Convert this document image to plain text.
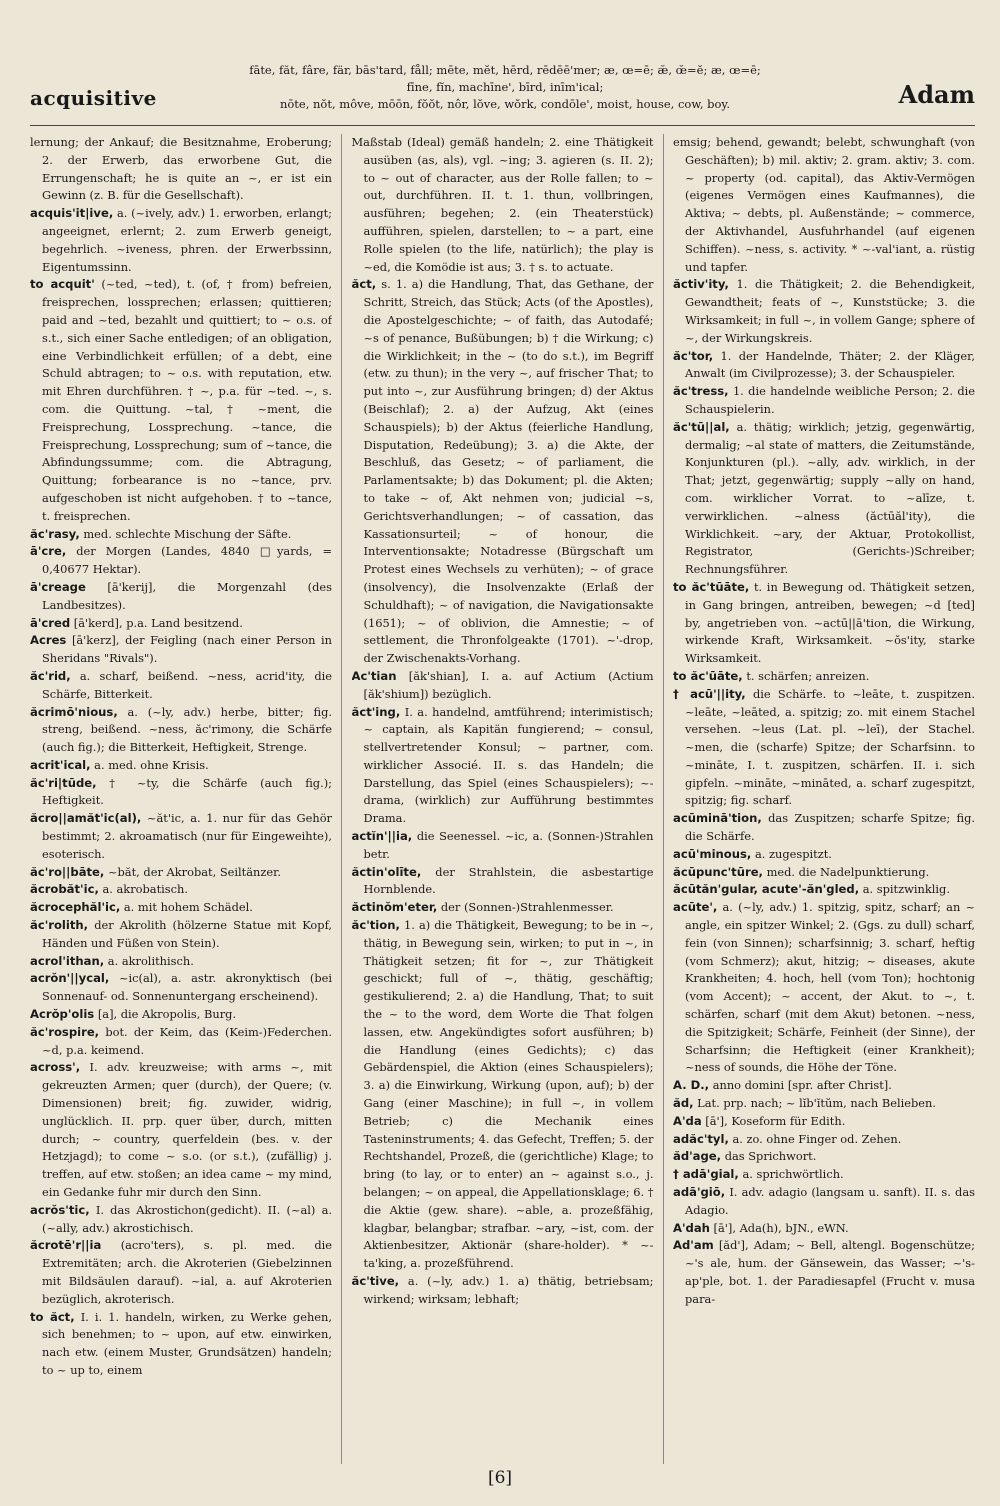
acquisitive
fāte, făt, fâre, fär, bās'tard, fåll; mēte, mĕt, hērd, rēdēē'mer; æ, œ=ē; æ̆, œ̆=ĕ; æ, œ=ē;
fīne, fĭn, machīne', bīrd, inīm'ical;
nōte, nŏt, môve, mōōn, fŏŏt, nôr, lŏve, wŏrk, condōle', moist, house, cow, boy.	Adam

lernung; der Ankauf; die Besitznahme, Eroberung; 2. der Erwerb, das erworbene Gut, die Errungenschaft; he is quite an ~, er ist ein Gewinn (z. B. für die Gesellschaft).

acquis'it|ive, a. (~ively, adv.) 1. erworben, erlangt; angeeignet, erlernt; 2. zum Erwerb geneigt, begehrlich. ~iveness, phren. der Erwerbssinn, Eigentumssinn.

to acquit' (~ted, ~ted), t. (of, † from) befreien, freisprechen, lossprechen; erlassen; quittieren; paid and ~ted, bezahlt und quittiert; to ~ o.s. of s.t., sich einer Sache entledigen; of an obligation, eine Verbindlichkeit erfüllen; of a debt, eine Schuld abtragen; to ~ o.s. with reputation, etw. mit Ehren durchführen. † ~, p.a. für ~ted. ~, s. com. die Quittung. ~tal, † ~ment, die Freisprechung, Lossprechung. ~tance, die Freisprechung, Lossprechung; sum of ~tance, die Abfindungssumme; com. die Abtragung, Quittung; forbearance is no ~tance, prv. aufgeschoben ist nicht aufgehoben. † to ~tance, t. freisprechen.

ăc'rasy, med. schlechte Mischung der Säfte.

ā'cre, der Morgen (Landes, 4840 □yards, = 0,40677 Hektar).

ā'creage [ā'kerij], die Morgenzahl (des Landbesitzes).

ā'cred [ā'kerd], p.a. Land besitzend.

Acres [ā'kerz], der Feigling (nach einer Person in Sheridans "Rivals").

ăc'rid, a. scharf, beißend. ~ness, acrid'ity, die Schärfe, Bitterkeit.

ăcrimō'nious, a. (~ly, adv.) herbe, bitter; fig. streng, beißend. ~ness, ăc'rimony, die Schärfe (auch fig.); die Bitterkeit, Heftigkeit, Strenge.

acrit'ical, a. med. ohne Krisis.

ăc'ri|tūde, † ~ty, die Schärfe (auch fig.); Heftigkeit.

ăcro||amăt'ic(al), ~ăt'ic, a. 1. nur für das Gehör bestimmt; 2. akroamatisch (nur für Eingeweihte), esoterisch.

ăc'ro||bāte, ~băt, der Akrobat, Seiltänzer.

ăcrobăt'ic, a. akrobatisch.

ăcrocephăl'ic, a. mit hohem Schädel.

ăc'rolith, der Akrolith (hölzerne Statue mit Kopf, Händen und Füßen von Stein).

acrol'ithan, a. akrolithisch.

acrŏn'||ycal, ~ic(al), a. astr. akronyktisch (bei Sonnenauf- od. Sonnenuntergang erscheinend).

Acrŏp'olis [a], die Akropolis, Burg.

ăc'rospire, bot. der Keim, das (Keim-)Federchen. ~d, p.a. keimend.

across', I. adv. kreuzweise; with arms ~, mit gekreuzten Armen; quer (durch), der Quere; (v. Dimensionen) breit; fig. zuwider, widrig, unglücklich. II. prp. quer über, durch, mitten durch; ~ country, querfeldein (bes. v. der Hetzjagd); to come ~ s.o. (or s.t.), (zufällig) j. treffen, auf etw. stoßen; an idea came ~ my mind, ein Gedanke fuhr mir durch den Sinn.

acrŏs'tic, I. das Akrostichon(gedicht). II. (~al) a. (~ally, adv.) akrostichisch.

ăcrotē'r||ia (acro'ters), s. pl. med. die Extremitäten; arch. die Akroterien (Giebelzinnen mit Bildsäulen darauf). ~ial, a. auf Akroterien bezüglich, akroterisch.

to ăct, I. i. 1. handeln, wirken, zu Werke gehen, sich benehmen; to ~ upon, auf etw. einwirken, nach etw. (einem Muster, Grundsätzen) handeln; to ~ up to, einem

Maßstab (Ideal) gemäß handeln; 2. eine Thätigkeit ausüben (as, als), vgl. ~ing; 3. agieren (s. II. 2); to ~ out of character, aus der Rolle fallen; to ~ out, durchführen. II. t. 1. thun, vollbringen, ausführen; begehen; 2. (ein Theaterstück) aufführen, spielen, darstellen; to ~ a part, eine Rolle spielen (to the life, natürlich); the play is ~ed, die Komödie ist aus; 3. † s. to actuate.

ăct, s. 1. a) die Handlung, That, das Gethane, der Schritt, Streich, das Stück; Acts (of the Apostles), die Apostelgeschichte; ~ of faith, das Autodafé; ~s of penance, Bußübungen; b) † die Wirkung; c) die Wirklichkeit; in the ~ (to do s.t.), im Begriff (etw. zu thun); in the very ~, auf frischer That; to put into ~, zur Ausführung bringen; d) der Aktus (Beischlaf); 2. a) der Aufzug, Akt (eines Schauspiels); b) der Aktus (feierliche Handlung, Disputation, Redeübung); 3. a) die Akte, der Beschluß, das Gesetz; ~ of parliament, die Parlamentsakte; b) das Dokument; pl. die Akten; to take ~ of, Akt nehmen von; judicial ~s, Gerichtsverhandlungen; ~ of cassation, das Kassationsurteil; ~ of honour, die Interventionsakte; Notadresse (Bürgschaft um Protest eines Wechsels zu verhüten); ~ of grace (insolvency), die Insolvenzakte (Erlaß der Schuldhaft); ~ of navigation, die Navigationsakte (1651); ~ of oblivion, die Amnestie; ~ of settlement, die Thronfolgeakte (1701). ~'-drop, der Zwischenakts-Vorhang.

Ac'tian [ăk'shian], I. a. auf Actium (Actium [ăk'shium]) bezüglich.

ăct'ing, I. a. handelnd, amtführend; interimistisch; ~ captain, als Kapitän fungierend; ~ consul, stellvertretender Konsul; ~ partner, com. wirklicher Associé. II. s. das Handeln; die Darstellung, das Spiel (eines Schauspielers); ~-drama, (wirklich) zur Aufführung bestimmtes Drama.

actĭn'||ia, die Seenessel. ~ic, a. (Sonnen-)Strahlen betr.

ăctin'olīte, der Strahlstein, die asbestartige Hornblende.

ăctinŏm'eter, der (Sonnen-)Strahlenmesser.

ăc'tion, 1. a) die Thätigkeit, Bewegung; to be in ~, thätig, in Bewegung sein, wirken; to put in ~, in Thätigkeit setzen; fit for ~, zur Thätigkeit geschickt; full of ~, thätig, geschäftig; gestikulierend; 2. a) die Handlung, That; to suit the ~ to the word, dem Worte die That folgen lassen, etw. Angekündigtes sofort ausführen; b) die Handlung (eines Gedichts); c) das Gebärdenspiel, die Aktion (eines Schauspielers); 3. a) die Einwirkung, Wirkung (upon, auf); b) der Gang (einer Maschine); in full ~, in vollem Betrieb; c) die Mechanik eines Tasteninstruments; 4. das Gefecht, Treffen; 5. der Rechtshandel, Prozeß, die (gerichtliche) Klage; to bring (to lay, or to enter) an ~ against s.o., j. belangen; ~ on appeal, die Appellationsklage; 6. † die Aktie (gew. share). ~able, a. prozeßfähig, klagbar, belangbar; strafbar. ~ary, ~ist, com. der Aktienbesitzer, Aktionär (share-holder). * ~-ta'king, a. prozeßführend.

ăc'tive, a. (~ly, adv.) 1. a) thätig, betriebsam; wirkend; wirksam; lebhaft;

emsig; behend, gewandt; belebt, schwunghaft (von Geschäften); b) mil. aktiv; 2. gram. aktiv; 3. com. ~ property (od. capital), das Aktiv-Vermögen (eigenes Vermögen eines Kaufmannes), die Aktiva; ~ debts, pl. Außenstände; ~ commerce, der Aktivhandel, Ausfuhrhandel (auf eigenen Schiffen). ~ness, s. activity. * ~-val'iant, a. rüstig und tapfer.

ăctiv'ity, 1. die Thätigkeit; 2. die Behendigkeit, Gewandtheit; feats of ~, Kunststücke; 3. die Wirksamkeit; in full ~, in vollem Gange; sphere of ~, der Wirkungskreis.

ăc'tor, 1. der Handelnde, Thäter; 2. der Kläger, Anwalt (im Civilprozesse); 3. der Schauspieler.

ăc'tress, 1. die handelnde weibliche Person; 2. die Schauspielerin.

ăc'tū||al, a. thätig; wirklich; jetzig, gegenwärtig, dermalig; ~al state of matters, die Zeitumstände, Konjunkturen (pl.). ~ally, adv. wirklich, in der That; jetzt, gegenwärtig; supply ~ally on hand, com. wirklicher Vorrat. to ~alīze, t. verwirklichen. ~alness (ăctūăl'ity), die Wirklichkeit. ~ary, der Aktuar, Protokollist, Registrator, (Gerichts-)Schreiber; Rechnungsführer.

to ăc'tūāte, t. in Bewegung od. Thätigkeit setzen, in Gang bringen, antreiben, bewegen; ~d [ted] by, angetrieben von. ~actū||ā'tion, die Wirkung, wirkende Kraft, Wirksamkeit. ~ŏs'ity, starke Wirksamkeit.

to ăc'ūāte, t. schärfen; anreizen.

† acū'||ity, die Schärfe. to ~leāte, t. zuspitzen. ~leāte, ~leāted, a. spitzig; zo. mit einem Stachel versehen. ~leus (Lat. pl. ~leī), der Stachel. ~men, die (scharfe) Spitze; der Scharfsinn. to ~mināte, I. t. zuspitzen, schärfen. II. i. sich gipfeln. ~mināte, ~mināted, a. scharf zugespitzt, spitzig; fig. scharf.

acūminā'tion, das Zuspitzen; scharfe Spitze; fig. die Schärfe.

acū'minous, a. zugespitzt.

ăcūpunc'tūre, med. die Nadelpunktierung.

ăcūtăn'gular, acute'-ăn'gled, a. spitzwinklig.

acūte', a. (~ly, adv.) 1. spitzig, spitz, scharf; an ~ angle, ein spitzer Winkel; 2. (Ggs. zu dull) scharf, fein (von Sinnen); scharfsinnig; 3. scharf, heftig (vom Schmerz); akut, hitzig; ~ diseases, akute Krankheiten; 4. hoch, hell (vom Ton); hochtonig (vom Accent); ~ accent, der Akut. to ~, t. schärfen, scharf (mit dem Akut) betonen. ~ness, die Spitzigkeit; Schärfe, Feinheit (der Sinne), der Scharfsinn; die Heftigkeit (einer Krankheit); ~ness of sounds, die Höhe der Töne.

A. D., anno domini [spr. after Christ].

ăd, Lat. prp. nach; ~ lĭb'ĭtŭm, nach Belieben.

A'da [ā'], Koseform für Edith.

adăc'tyl, a. zo. ohne Finger od. Zehen.

ăd'age, das Sprichwort.

† adā'gial, a. sprichwörtlich.

adā'giō, I. adv. adagio (langsam u. sanft). II. s. das Adagio.

A'dah [ā'], Ada(h), bJN., eWN.

Ad'am [ăd'], Adam; ~ Bell, altengl. Bogenschütze; ~'s ale, hum. der Gänsewein, das Wasser; ~'s-ap'ple, bot. 1. der Paradiesapfel (Frucht v. musa para-

[6]
